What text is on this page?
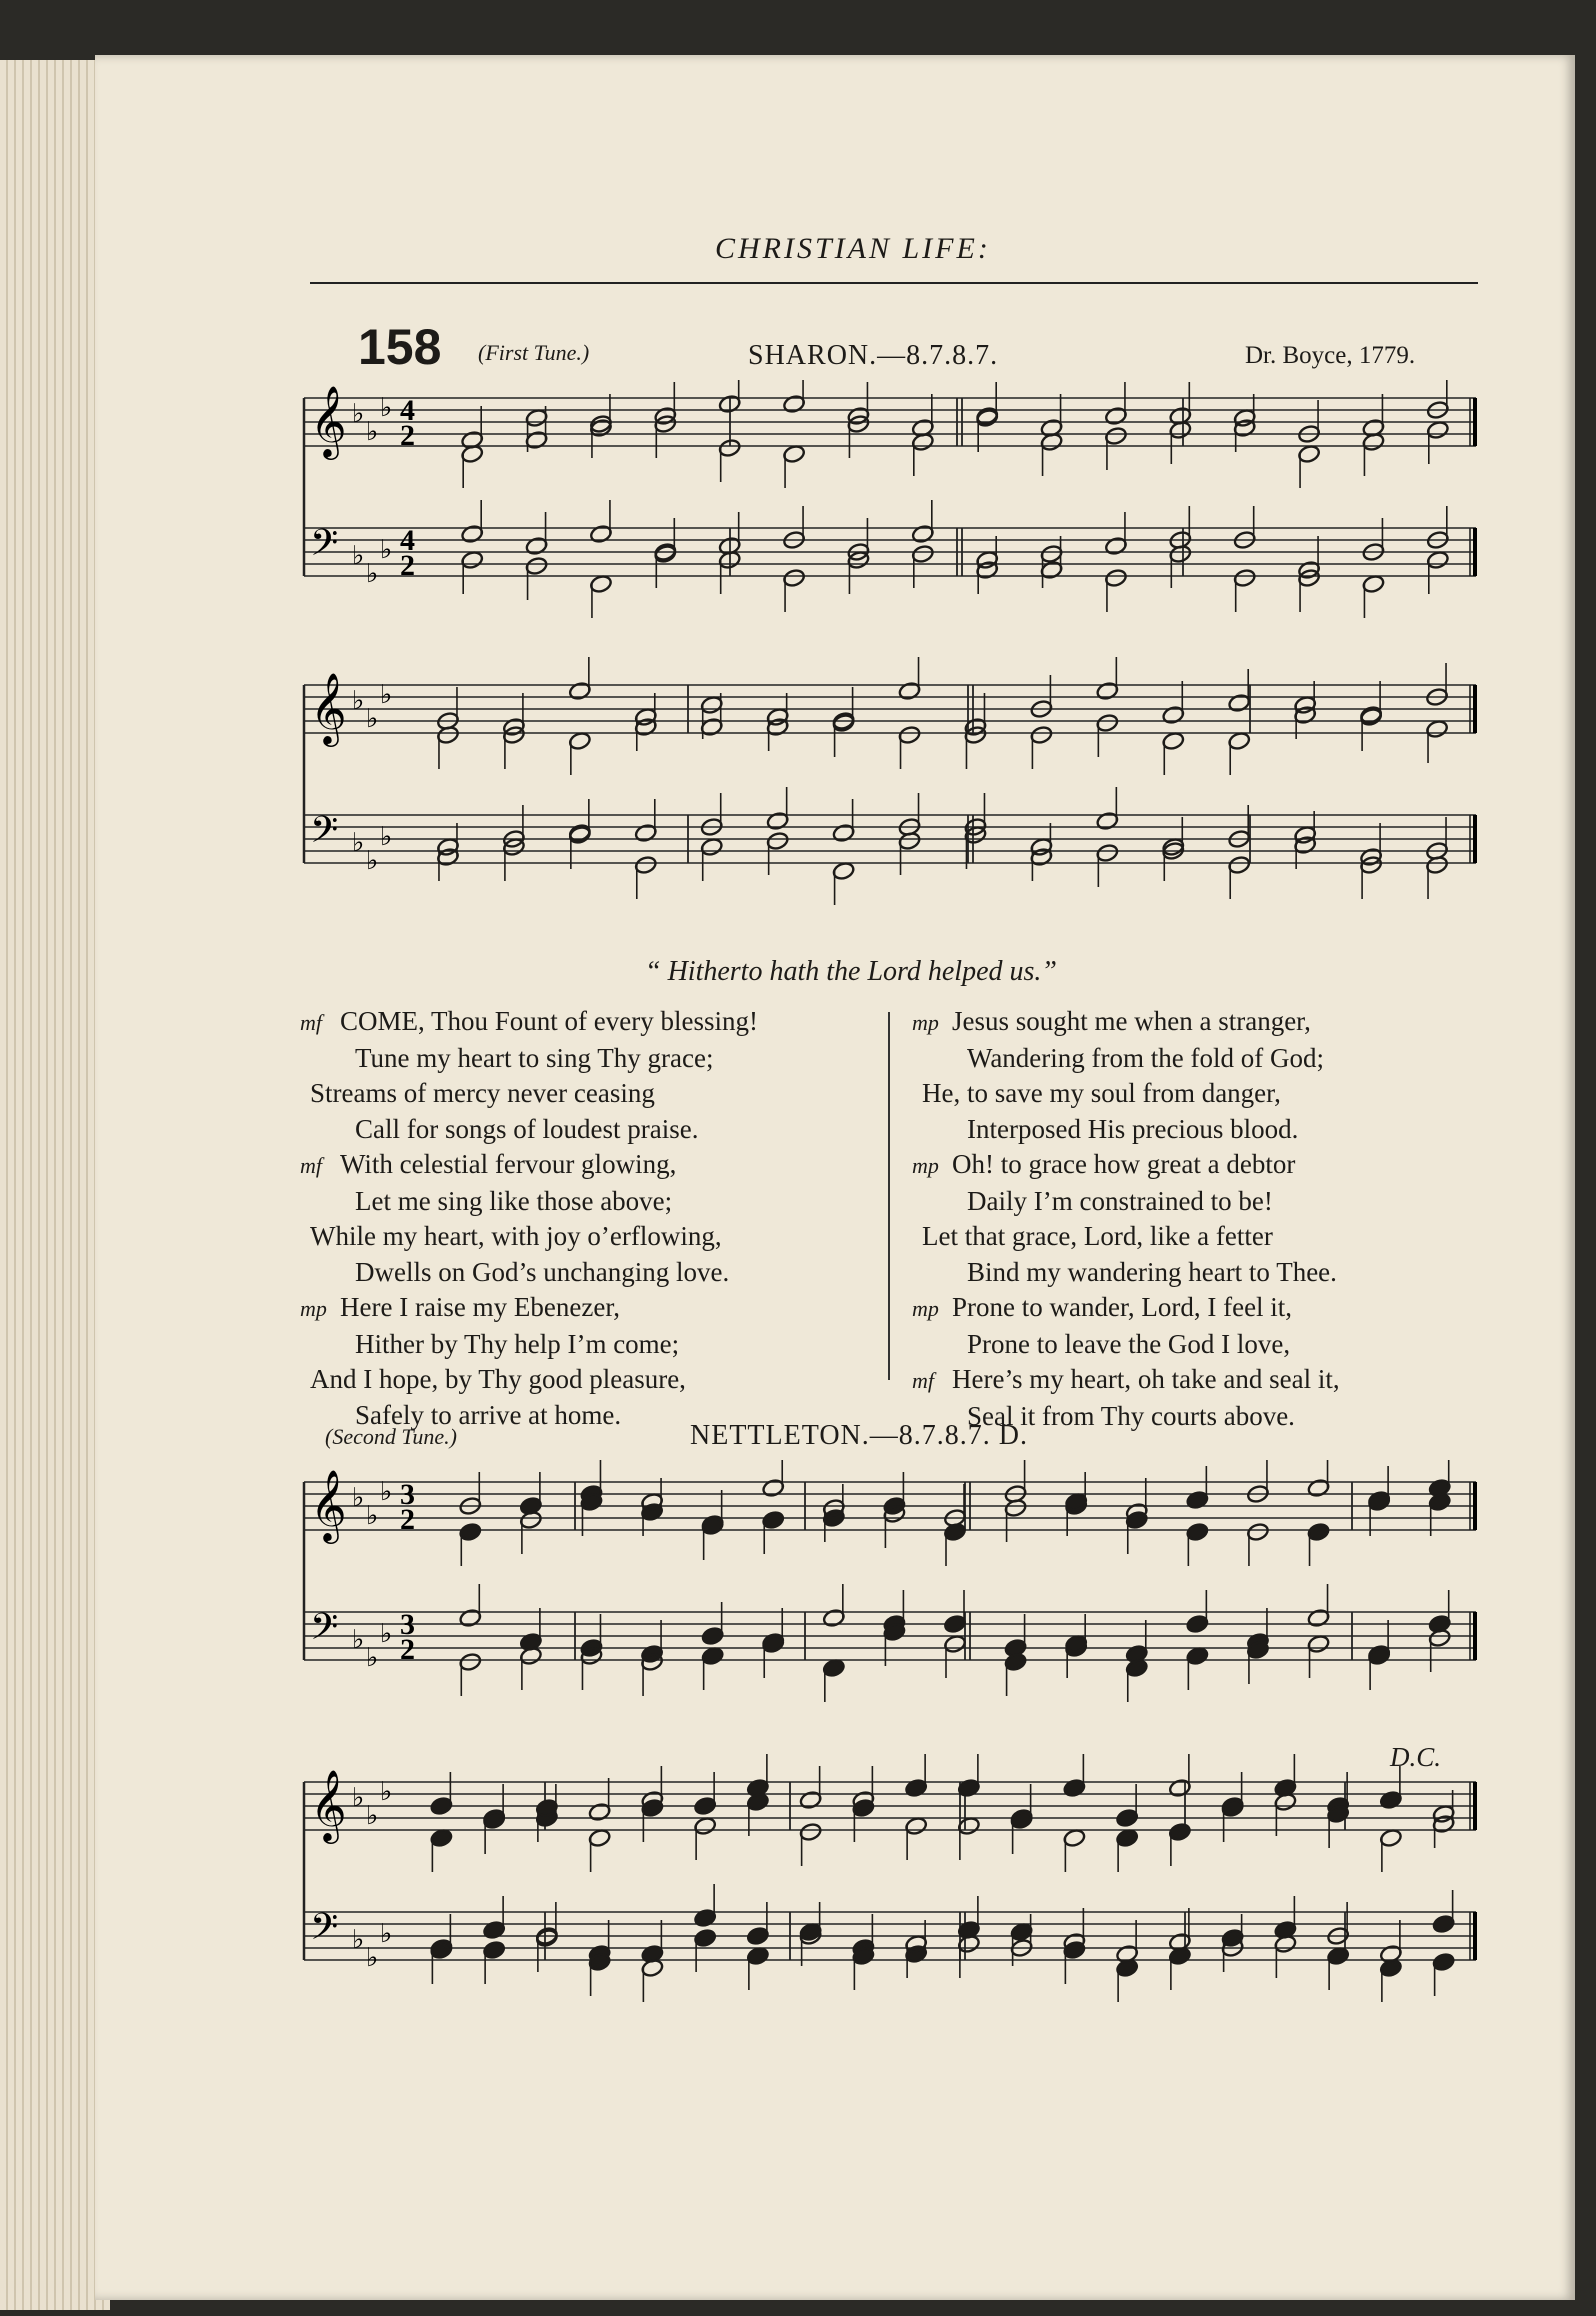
CHRISTIAN LIFE:
158 (First Tune.)	SHARON.—8.7.8.7.	Dr. Boyce, 1779.
𝄞
𝄢
♭
♭
♭
♭
♭
♭
4
2
4
2
𝄞
𝄢
♭
♭
♭
♭
♭
♭
“ Hitherto hath the Lord helped us.”
mf COME, Thou Fount of every blessing!
Tune my heart to sing Thy grace;
Streams of mercy never ceasing
Call for songs of loudest praise.
mf With celestial fervour glowing,
Let me sing like those above;
While my heart, with joy o’erflowing,
Dwells on God’s unchanging love.
mp Here I raise my Ebenezer,
Hither by Thy help I’m come;
And I hope, by Thy good pleasure,
Safely to arrive at home.
mp Jesus sought me when a stranger,
Wandering from the fold of God;
He, to save my soul from danger,
Interposed His precious blood.
mp Oh! to grace how great a debtor
Daily I’m constrained to be!
Let that grace, Lord, like a fetter
Bind my wandering heart to Thee.
mp Prone to wander, Lord, I feel it,
Prone to leave the God I love,
mf Here’s my heart, oh take and seal it,
Seal it from Thy courts above.
(Second Tune.)	NETTLETON.—8.7.8.7. D.
𝄞
𝄢
♭
♭
♭
♭
♭
♭
3
2
3
2
𝄞
𝄢
♭
♭
♭
♭
♭
♭
D.C.
